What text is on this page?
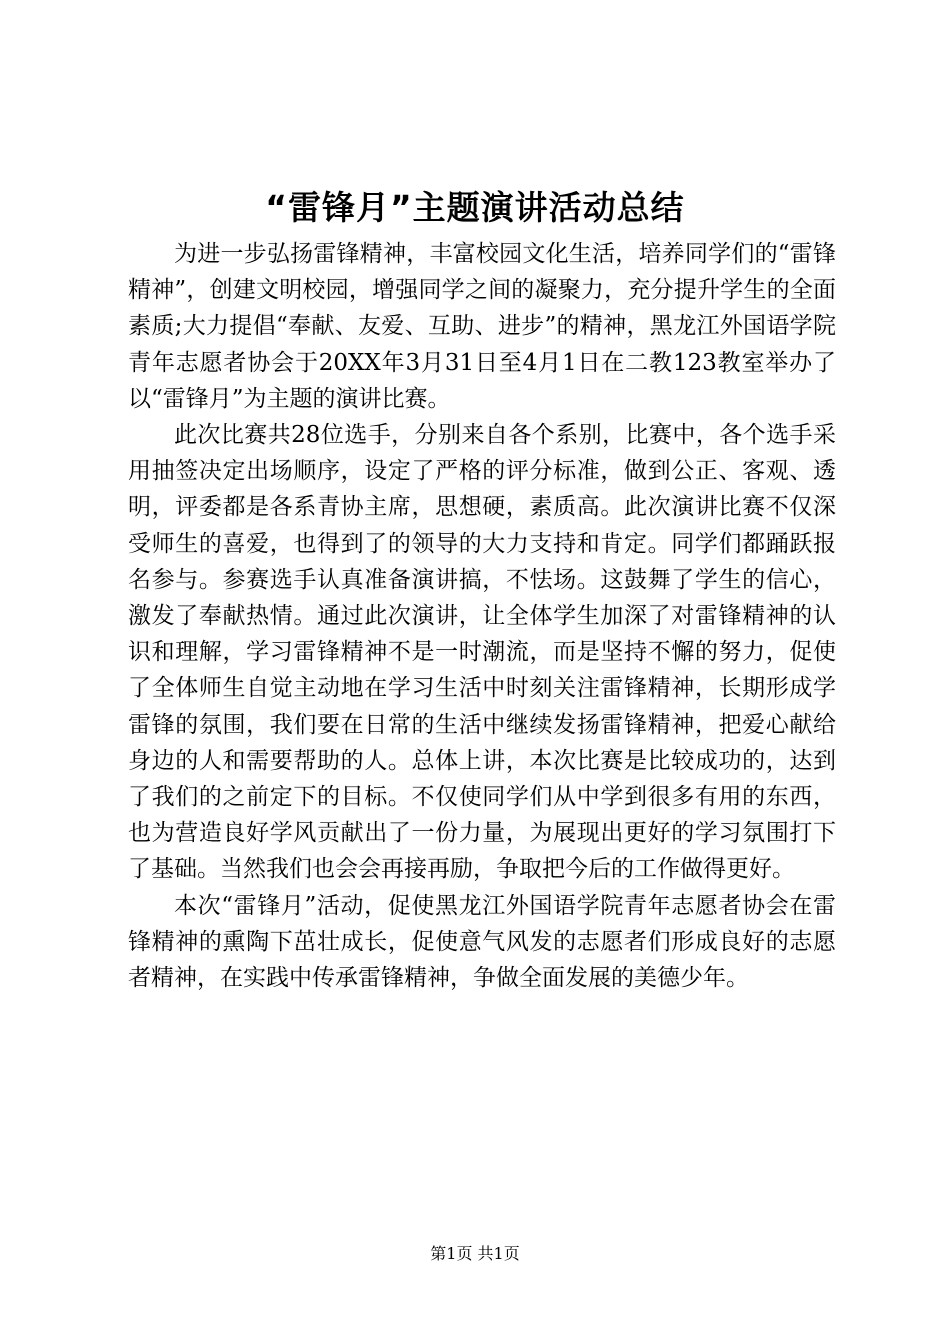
“雷锋月”主题演讲活动总结

为进一步弘扬雷锋精神，丰富校园文化生活，培养同学们的“雷锋精神”，创建文明校园，增强同学之间的凝聚力，充分提升学生的全面素质;大力提倡“奉献、友爱、互助、进步”的精神，黑龙江外国语学院青年志愿者协会于20XX年3月31日至4月1日在二教123教室举办了以“雷锋月”为主题的演讲比赛。

此次比赛共28位选手，分别来自各个系别，比赛中，各个选手采用抽签决定出场顺序，设定了严格的评分标准，做到公正、客观、透明，评委都是各系青协主席，思想硬，素质高。此次演讲比赛不仅深受师生的喜爱，也得到了的领导的大力支持和肯定。同学们都踊跃报名参与。参赛选手认真准备演讲搞，不怯场。这鼓舞了学生的信心，激发了奉献热情。通过此次演讲，让全体学生加深了对雷锋精神的认识和理解，学习雷锋精神不是一时潮流，而是坚持不懈的努力，促使了全体师生自觉主动地在学习生活中时刻关注雷锋精神，长期形成学雷锋的氛围，我们要在日常的生活中继续发扬雷锋精神，把爱心献给身边的人和需要帮助的人。总体上讲，本次比赛是比较成功的，达到了我们的之前定下的目标。不仅使同学们从中学到很多有用的东西，也为营造良好学风贡献出了一份力量，为展现出更好的学习氛围打下了基础。当然我们也会会再接再励，争取把今后的工作做得更好。

本次“雷锋月”活动，促使黑龙江外国语学院青年志愿者协会在雷锋精神的熏陶下茁壮成长，促使意气风发的志愿者们形成良好的志愿者精神，在实践中传承雷锋精神，争做全面发展的美德少年。

第1页 共1页
